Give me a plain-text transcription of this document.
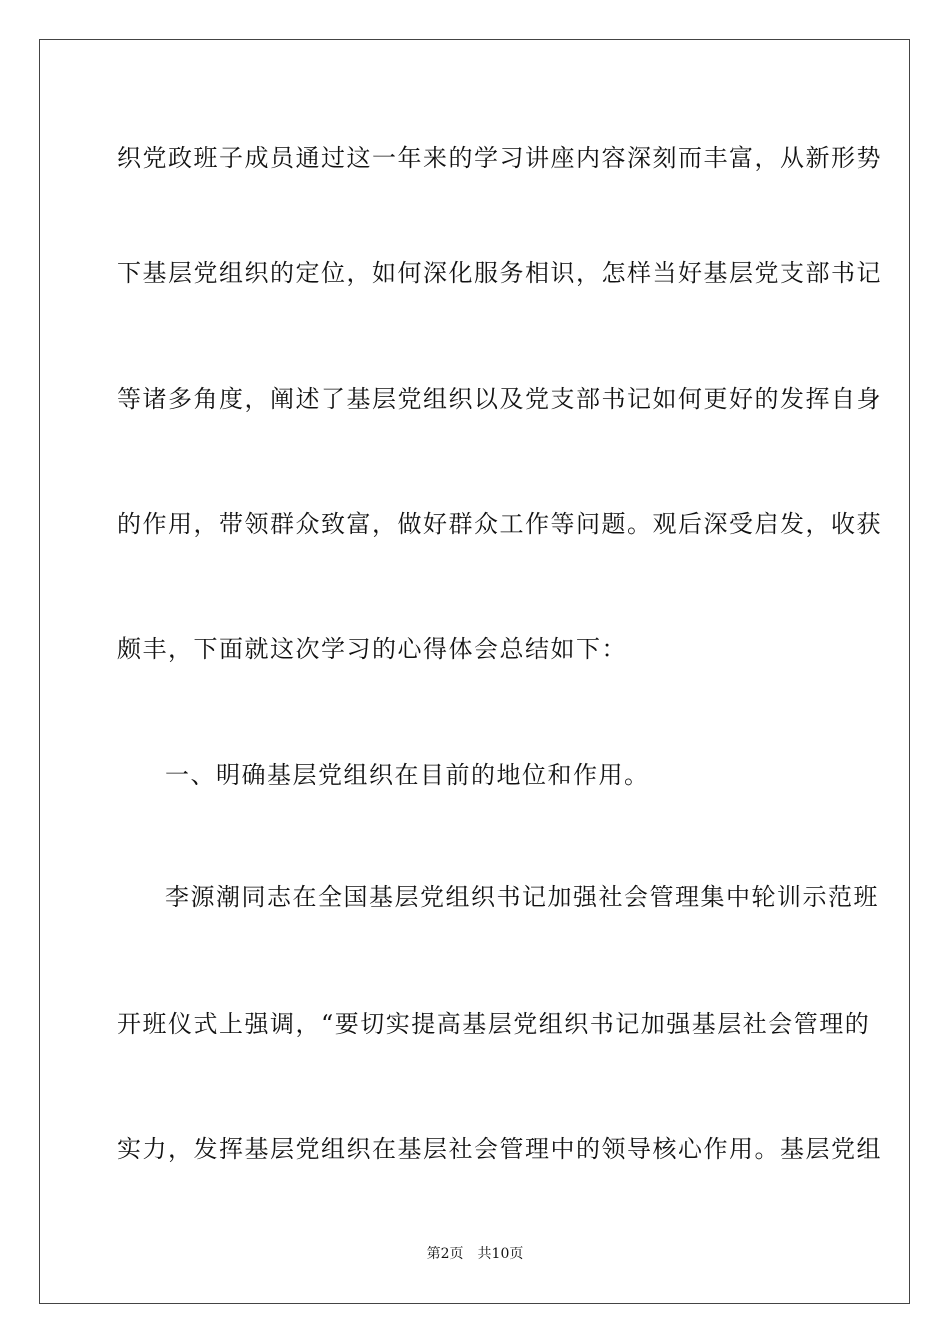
织党政班子成员通过这一年来的学习讲座内容深刻而丰富，从新形势
下基层党组织的定位，如何深化服务相识，怎样当好基层党支部书记
等诸多角度，阐述了基层党组织以及党支部书记如何更好的发挥自身
的作用，带领群众致富，做好群众工作等问题。观后深受启发，收获
颇丰，下面就这次学习的心得体会总结如下：
一、明确基层党组织在目前的地位和作用。
李源潮同志在全国基层党组织书记加强社会管理集中轮训示范班
开班仪式上强调，“要切实提高基层党组织书记加强基层社会管理的
实力，发挥基层党组织在基层社会管理中的领导核心作用。基层党组
第2页 共10页
